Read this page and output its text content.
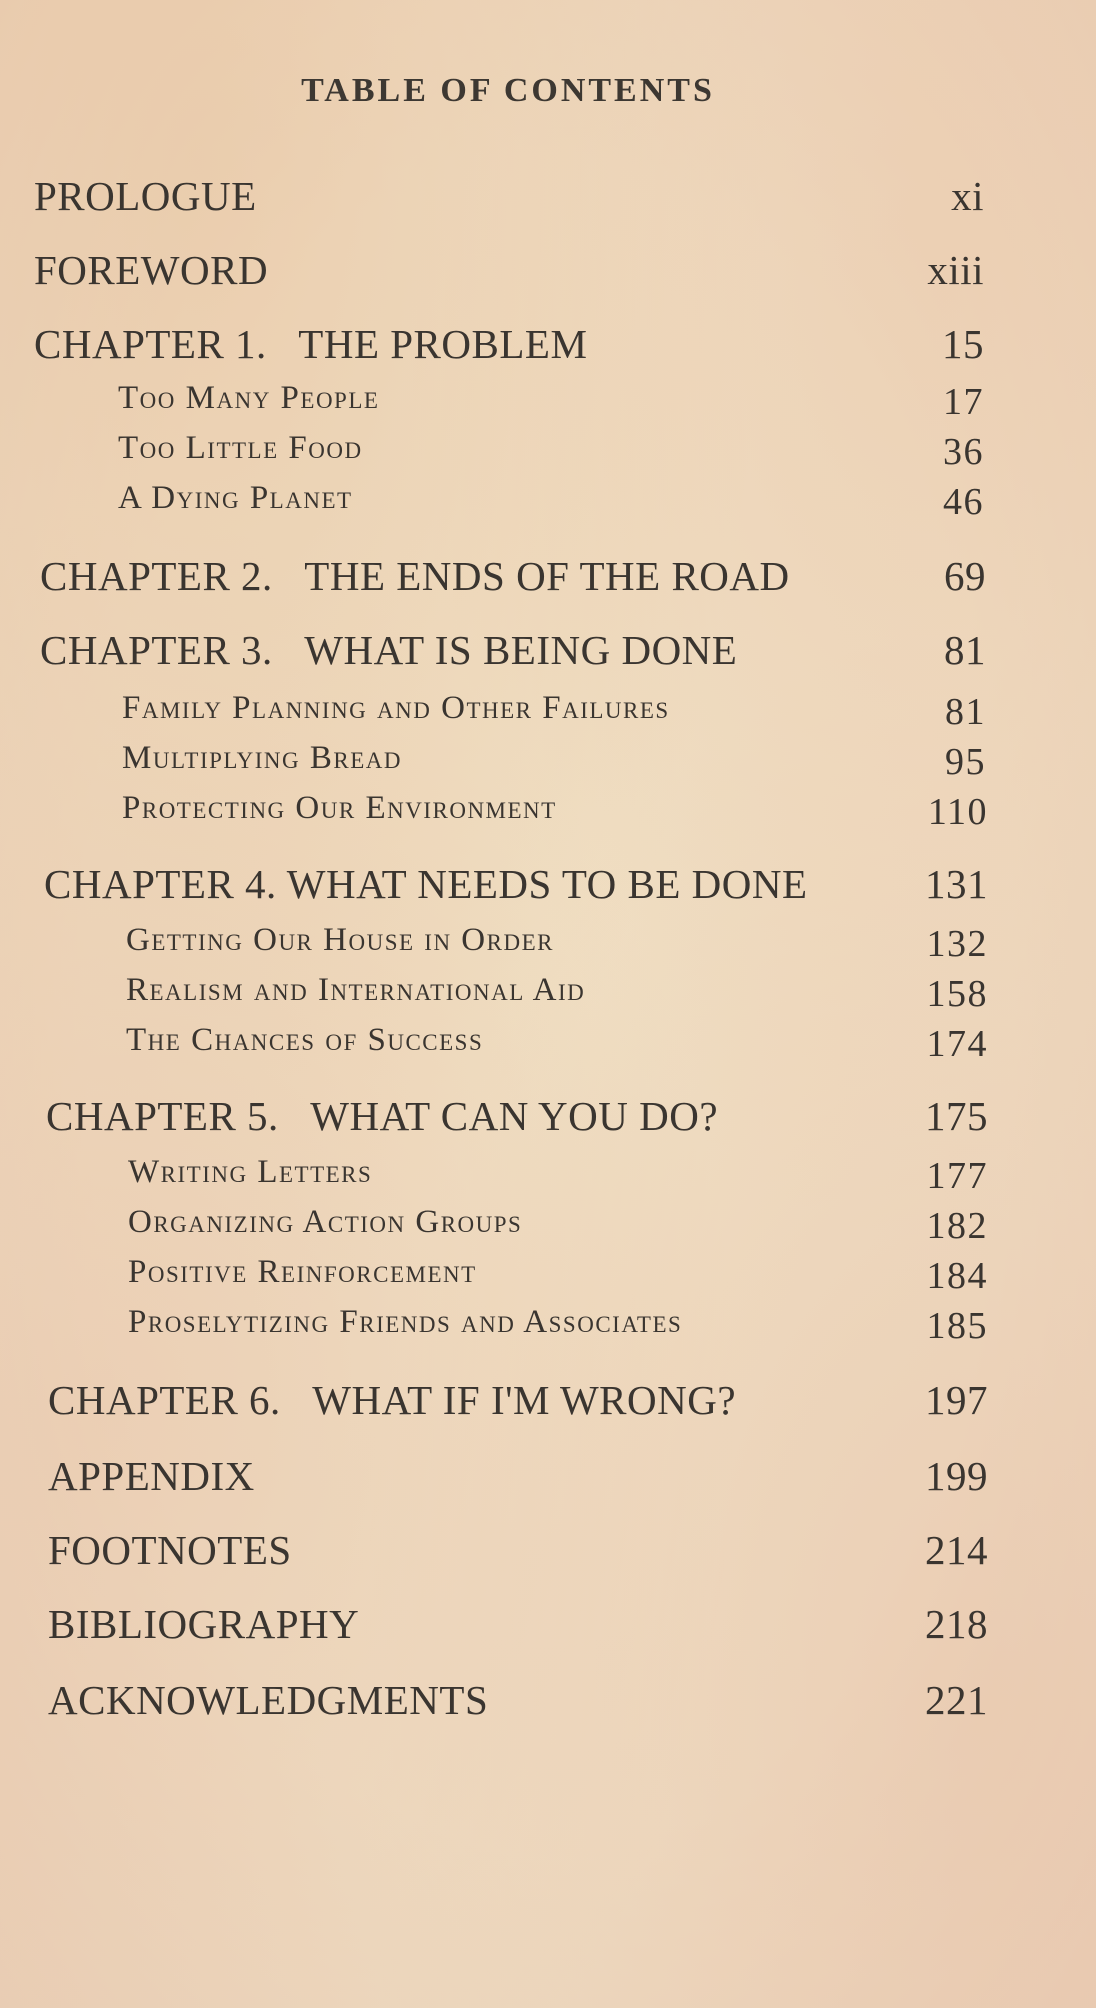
TABLE OF CONTENTS
PROLOGUE	xi
FOREWORD	xiii
CHAPTER 1.   THE PROBLEM	15
Too Many People	17
Too Little Food	36
A Dying Planet	46
CHAPTER 2.   THE ENDS OF THE ROAD	69
CHAPTER 3.   WHAT IS BEING DONE	81
Family Planning and Other Failures	81
Multiplying Bread	95
Protecting Our Environment	110
CHAPTER 4. WHAT NEEDS TO BE DONE	131
Getting Our House in Order	132
Realism and International Aid	158
The Chances of Success	174
CHAPTER 5.   WHAT CAN YOU DO?	175
Writing Letters	177
Organizing Action Groups	182
Positive Reinforcement	184
Proselytizing Friends and Associates	185
CHAPTER 6.   WHAT IF I'M WRONG?	197
APPENDIX	199
FOOTNOTES	214
BIBLIOGRAPHY	218
ACKNOWLEDGMENTS	221
